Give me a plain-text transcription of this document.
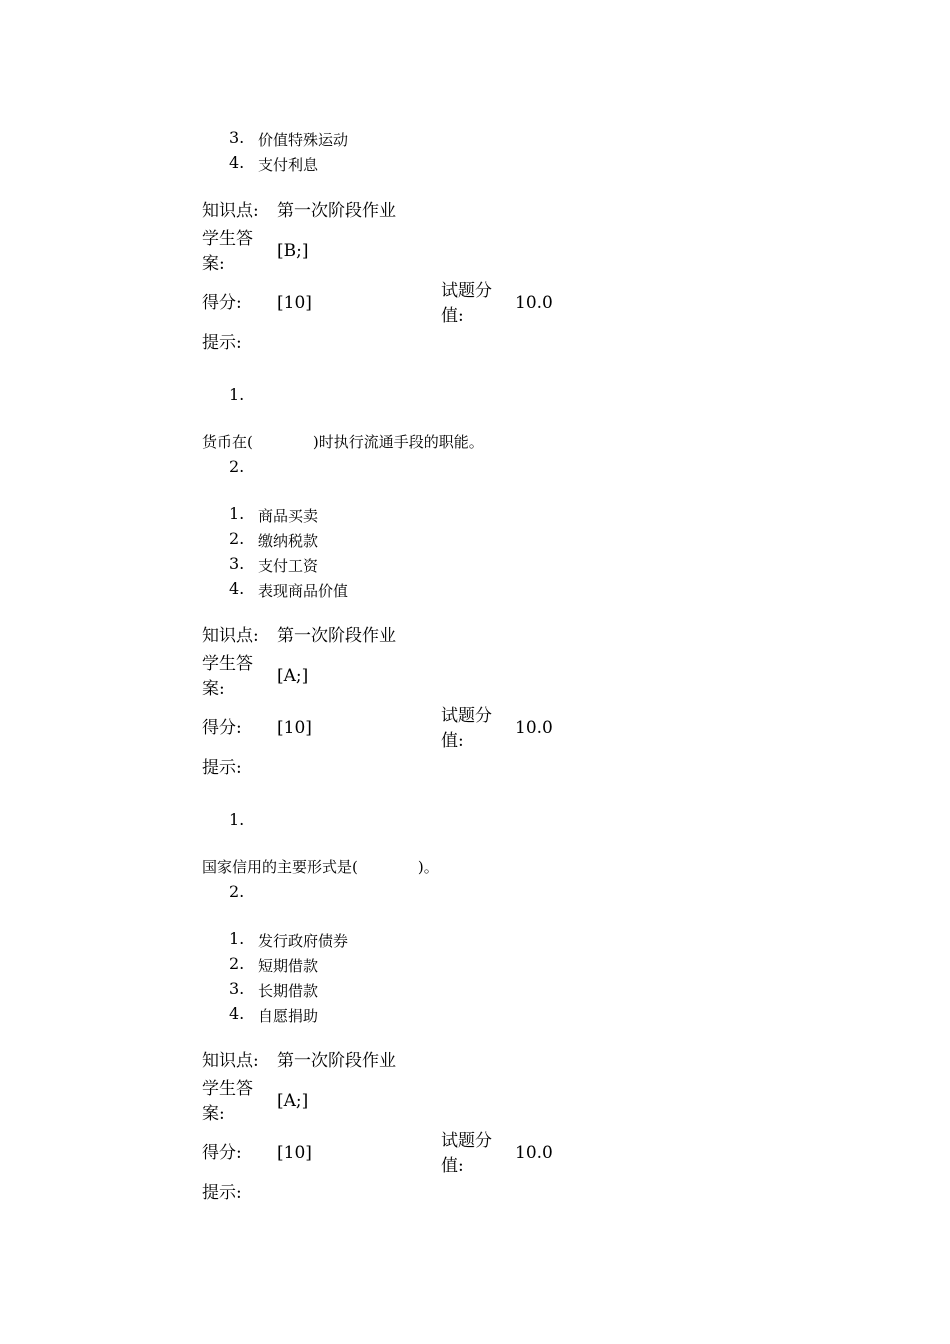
3. 价值特殊运动
4. 支付利息
知识点: 第一次阶段作业
学生答
案:
[B;]
得分: [10]
试题分
值:
10.0
提示:
1.
货币在(　　　　)时执行流通手段的职能。
2.
1. 商品买卖
2. 缴纳税款
3. 支付工资
4. 表现商品价值
知识点: 第一次阶段作业
学生答
案:
[A;]
得分: [10]
试题分
值:
10.0
提示:
1.
国家信用的主要形式是(　　　　)。
2.
1. 发行政府债券
2. 短期借款
3. 长期借款
4. 自愿捐助
知识点: 第一次阶段作业
学生答
案:
[A;]
得分: [10]
试题分
值:
10.0
提示:
